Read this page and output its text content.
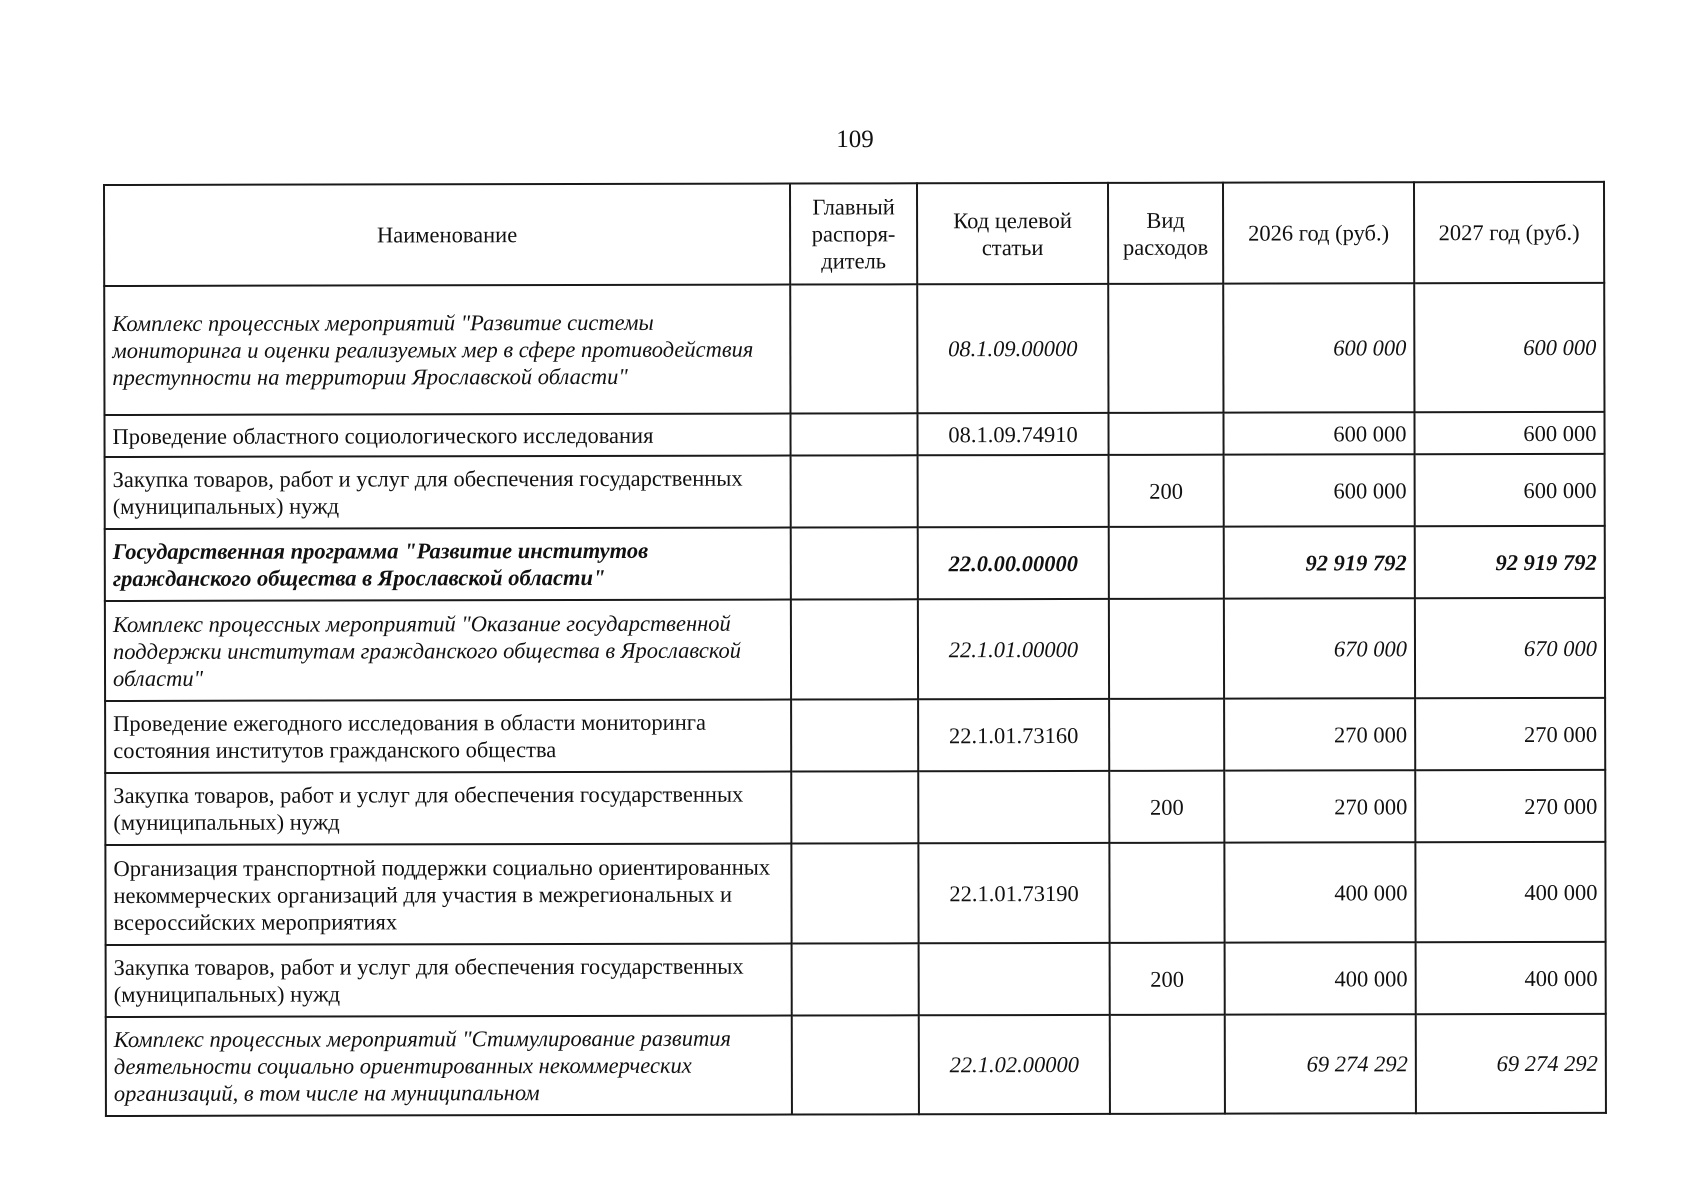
109
Наименование	Главный распоря-дитель	Код целевой статьи	Вид расходов	2026 год (руб.)	2027 год (руб.)
Комплекс процессных мероприятий "Развитие системы мониторинга и оценки реализуемых мер в сфере противодействия преступности на территории Ярославской области"		08.1.09.00000		600 000	600 000
Проведение областного социологического исследования		08.1.09.74910		600 000	600 000
Закупка товаров, работ и услуг для обеспечения государственных (муниципальных) нужд			200	600 000	600 000
Государственная программа "Развитие институтов гражданского общества в Ярославской области"		22.0.00.00000		92 919 792	92 919 792
Комплекс процессных мероприятий "Оказание государственной поддержки институтам гражданского общества в Ярославской области"		22.1.01.00000		670 000	670 000
Проведение ежегодного исследования в области мониторинга состояния институтов гражданского общества		22.1.01.73160		270 000	270 000
Закупка товаров, работ и услуг для обеспечения государственных (муниципальных) нужд			200	270 000	270 000
Организация транспортной поддержки социально ориентированных некоммерческих организаций для участия в межрегиональных и всероссийских мероприятиях		22.1.01.73190		400 000	400 000
Закупка товаров, работ и услуг для обеспечения государственных (муниципальных) нужд			200	400 000	400 000
Комплекс процессных мероприятий "Стимулирование развития деятельности социально ориентированных некоммерческих организаций, в том числе на муниципальном		22.1.02.00000		69 274 292	69 274 292
